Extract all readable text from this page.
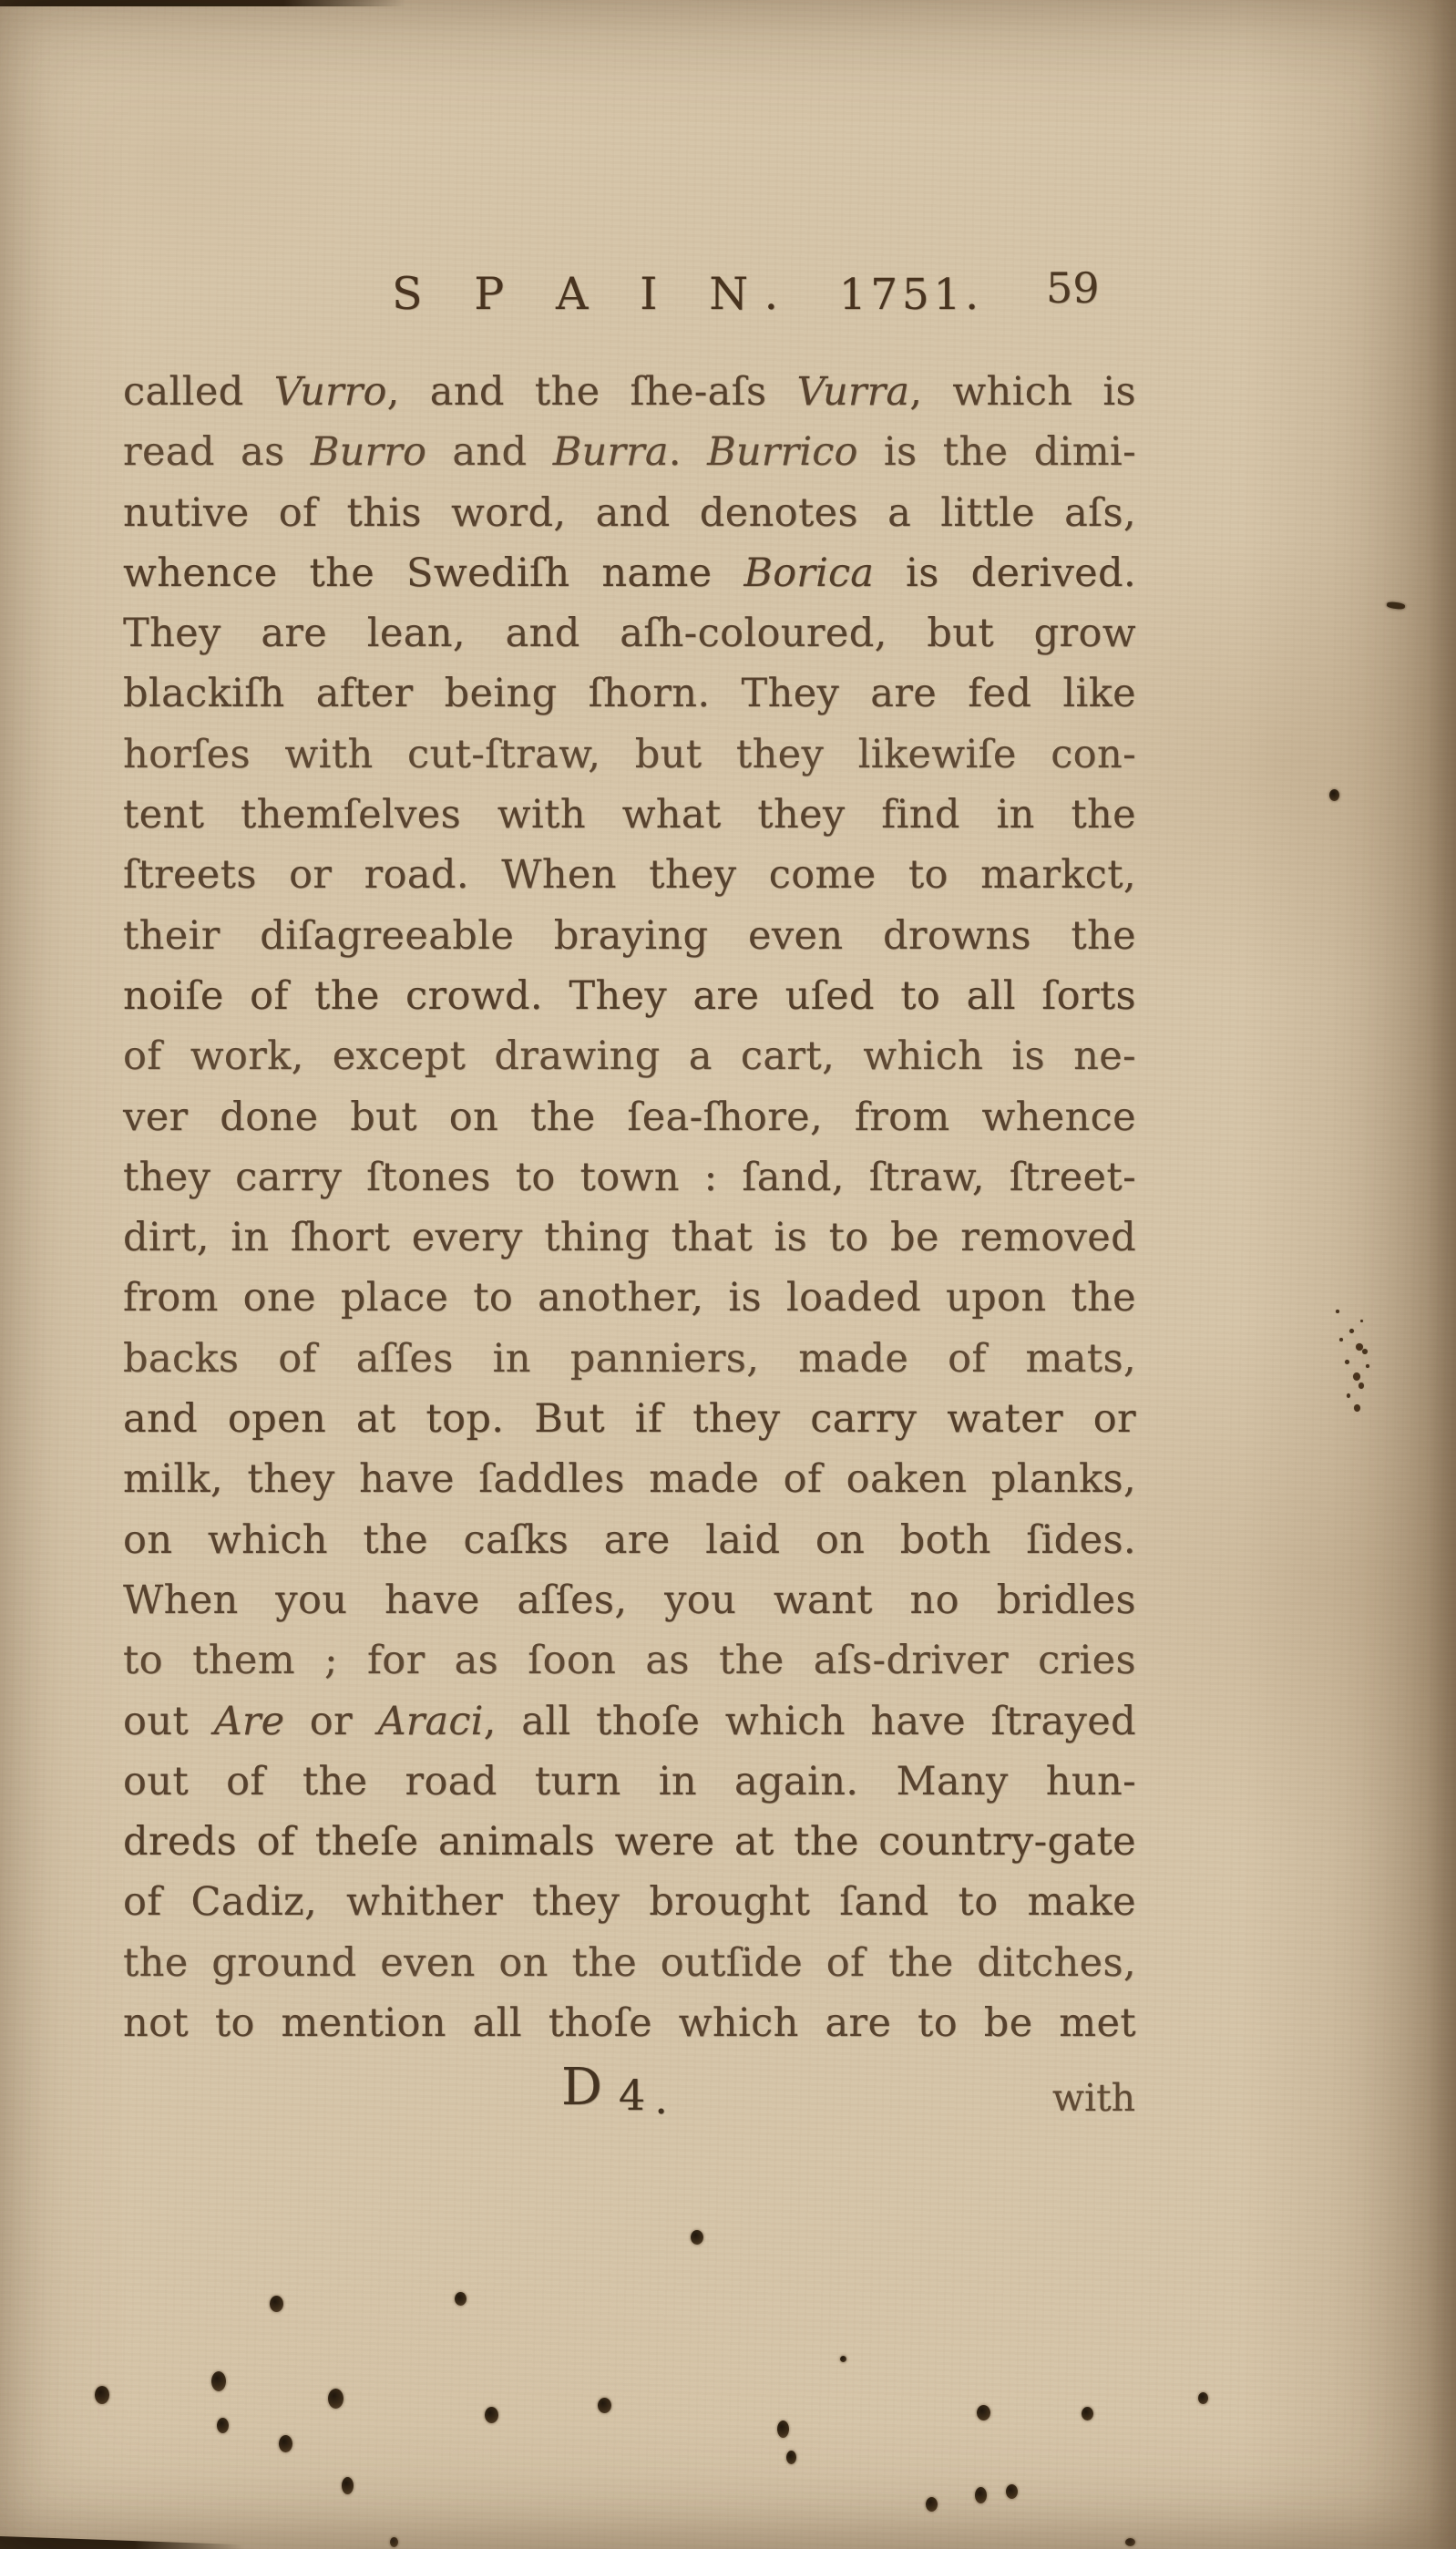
S P A I N. 1751. 59
called Vurro, and the ſhe-aſs Vurra, which is
read as Burro and Burra. Burrico is the dimi-
nutive of this word, and denotes a little aſs,
whence the Swediſh name Borica is derived.
They are lean, and aſh-coloured, but grow
blackiſh after being ſhorn. They are fed like
horſes with cut-ſtraw, but they likewiſe con-
tent themſelves with what they find in the
ſtreets or road. When they come to markct,
their diſagreeable braying even drowns the
noiſe of the crowd. They are uſed to all ſorts
of work, except drawing a cart, which is ne-
ver done but on the ſea-ſhore, from whence
they carry ſtones to town : ſand, ſtraw, ſtreet-
dirt, in ſhort every thing that is to be removed
from one place to another, is loaded upon the
backs of aſſes in panniers, made of mats,
and open at top. But if they carry water or
milk, they have ſaddles made of oaken planks,
on which the caſks are laid on both ſides.
When you have aſſes, you want no bridles
to them ; for as ſoon as the aſs-driver cries
out Are or Araci, all thoſe which have ſtrayed
out of the road turn in again. Many hun-
dreds of theſe animals were at the country-gate
of Cadiz, whither they brought ſand to make
the ground even on the outſide of the ditches,
not to mention all thoſe which are to be met
D 4 .	with
